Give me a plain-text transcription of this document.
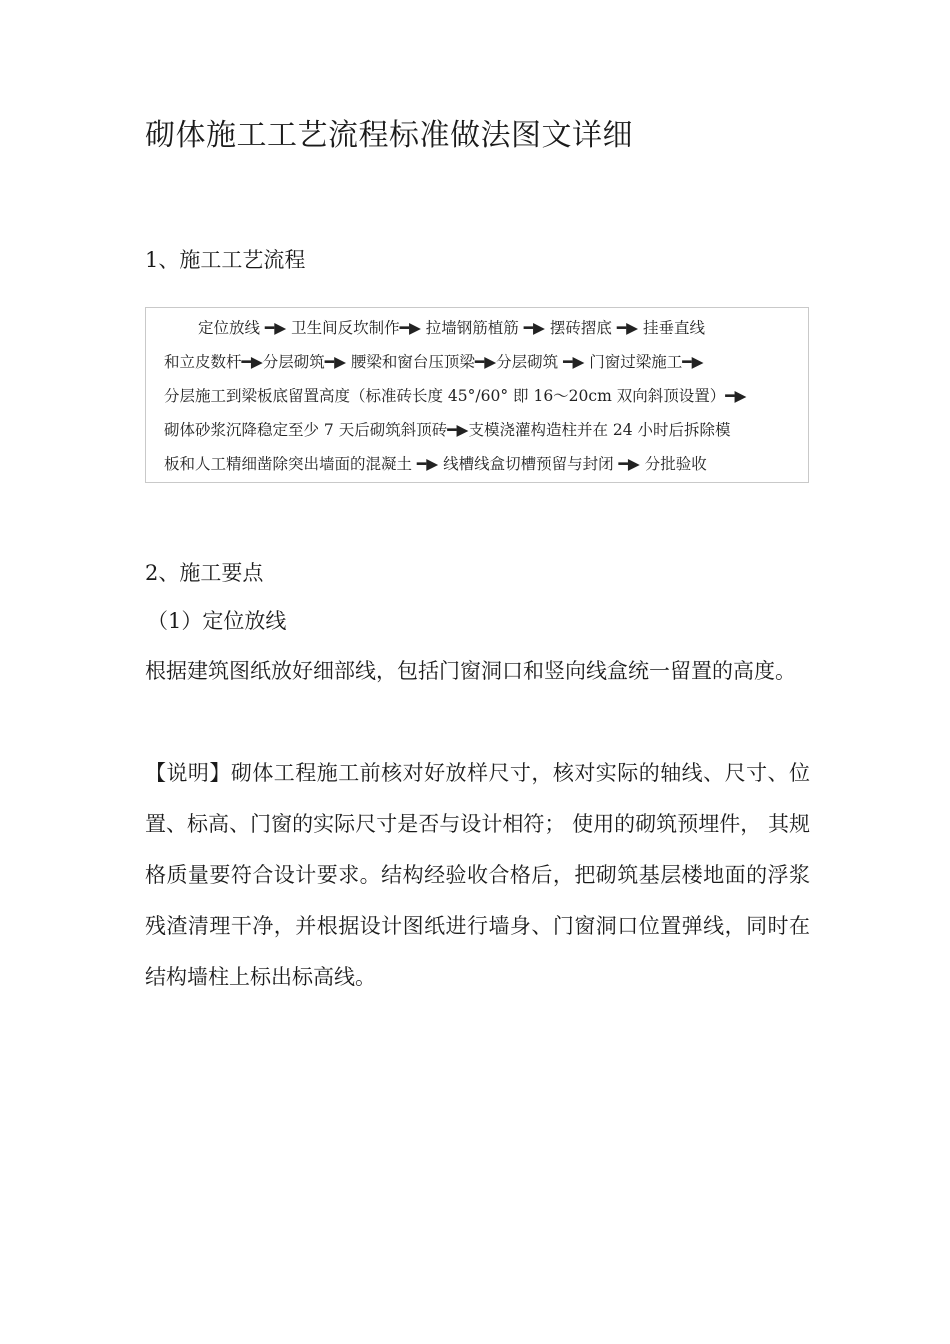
砌体施工工艺流程标准做法图文详细
1、施工工艺流程
定位放线 ━▶ 卫生间反坎制作━▶ 拉墙钢筋植筋 ━▶ 摆砖摺底 ━▶ 挂垂直线
和立皮数杆━▶分层砌筑━▶ 腰梁和窗台压顶梁━▶分层砌筑 ━▶ 门窗过梁施工━▶
分层施工到梁板底留置高度（标准砖长度 45°/60° 即 16～20cm 双向斜顶设置）━▶
砌体砂浆沉降稳定至少 7 天后砌筑斜顶砖━▶支模浇灌构造柱并在 24 小时后拆除模
板和人工精细凿除突出墙面的混凝土 ━▶ 线槽线盒切槽预留与封闭 ━▶ 分批验收
2、施工要点
（1）定位放线
根据建筑图纸放好细部线，包括门窗洞口和竖向线盒统一留置的高度。
【说明】砌体工程施工前核对好放样尺寸，核对实际的轴线、尺寸、位置、标高、门窗的实际尺寸是否与设计相符； 使用的砌筑预埋件， 其规格质量要符合设计要求。结构经验收合格后，把砌筑基层楼地面的浮浆残渣清理干净，并根据设计图纸进行墙身、门窗洞口位置弹线，同时在结构墙柱上标出标高线。
